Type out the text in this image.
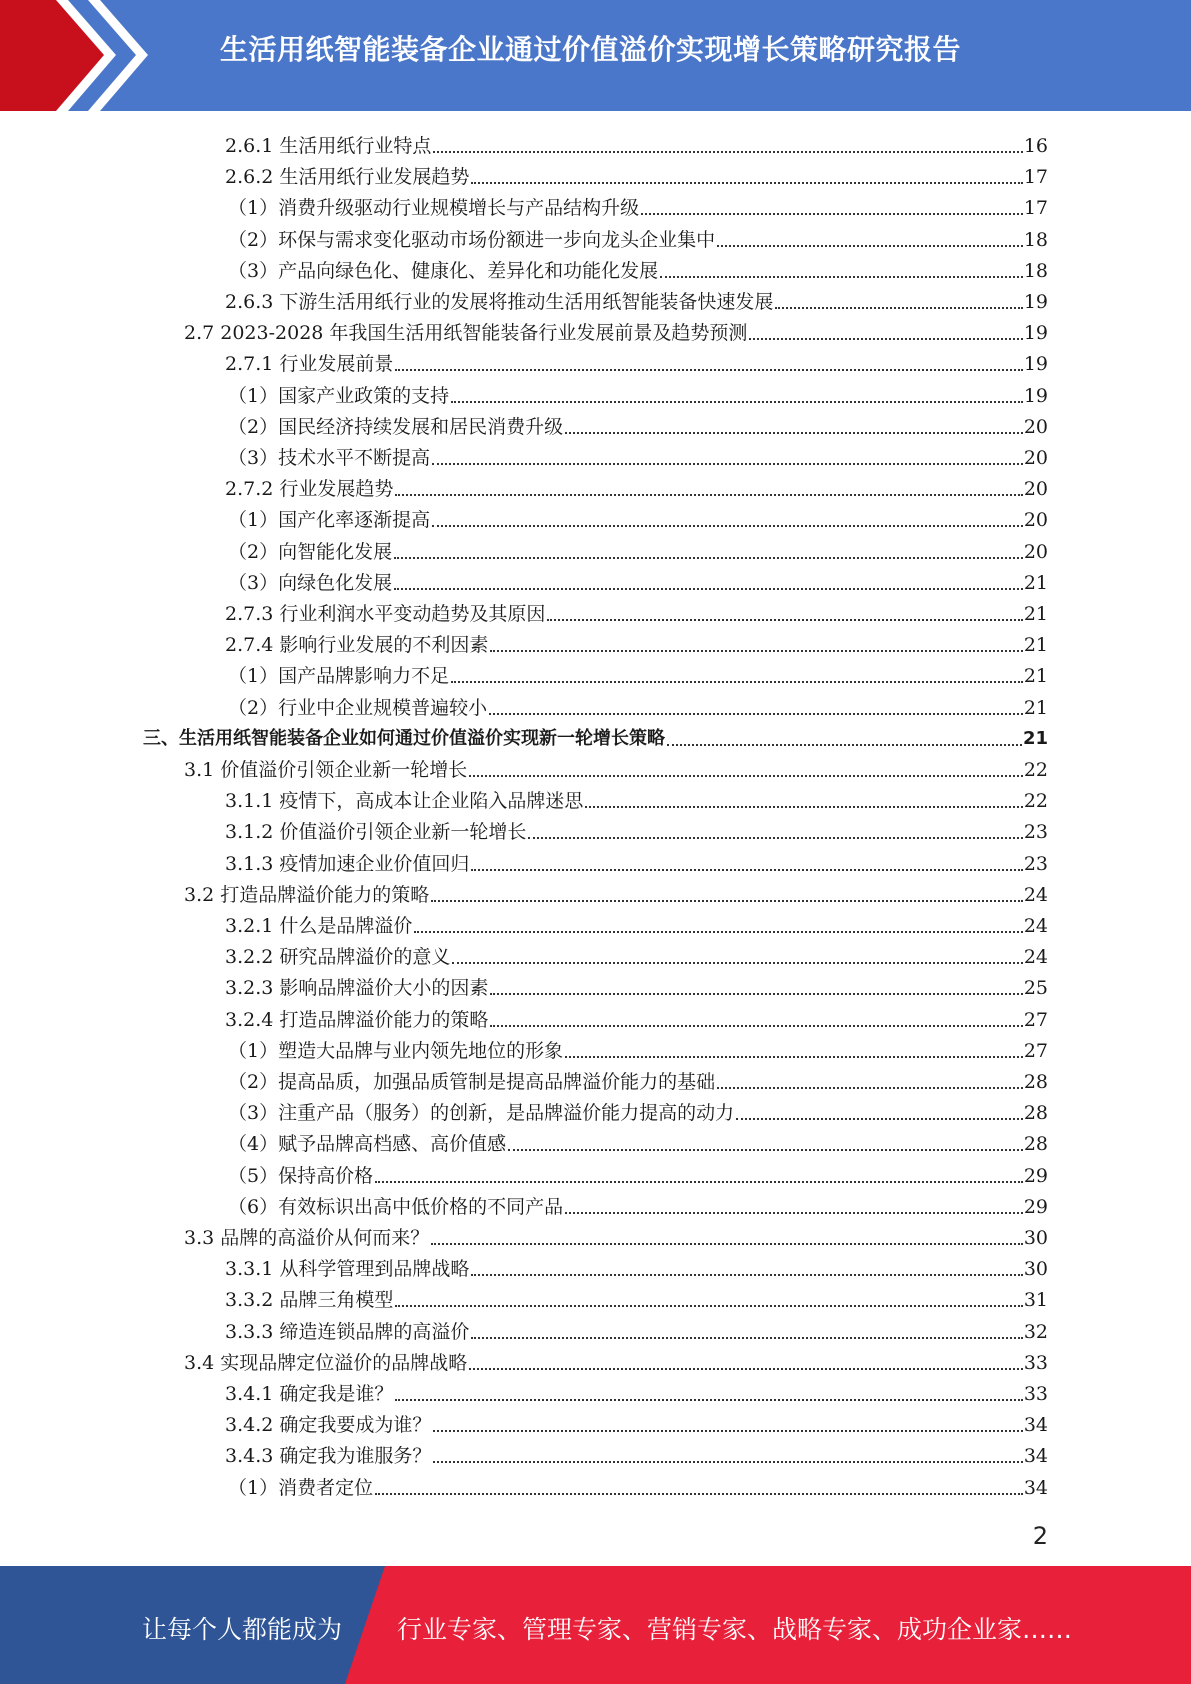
生活用纸智能装备企业通过价值溢价实现增长策略研究报告
2.6.1 生活用纸行业特点	16
2.6.2 生活用纸行业发展趋势	17
（1）消费升级驱动行业规模增长与产品结构升级	17
（2）环保与需求变化驱动市场份额进一步向龙头企业集中	18
（3）产品向绿色化、健康化、差异化和功能化发展	18
2.6.3 下游生活用纸行业的发展将推动生活用纸智能装备快速发展	19
2.7 2023-2028 年我国生活用纸智能装备行业发展前景及趋势预测	19
2.7.1 行业发展前景	19
（1）国家产业政策的支持	19
（2）国民经济持续发展和居民消费升级	20
（3）技术水平不断提高	20
2.7.2 行业发展趋势	20
（1）国产化率逐渐提高	20
（2）向智能化发展	20
（3）向绿色化发展	21
2.7.3 行业利润水平变动趋势及其原因	21
2.7.4 影响行业发展的不利因素	21
（1）国产品牌影响力不足	21
（2）行业中企业规模普遍较小	21
三、生活用纸智能装备企业如何通过价值溢价实现新一轮增长策略	21
3.1 价值溢价引领企业新一轮增长	22
3.1.1 疫情下，高成本让企业陷入品牌迷思	22
3.1.2 价值溢价引领企业新一轮增长	23
3.1.3 疫情加速企业价值回归	23
3.2 打造品牌溢价能力的策略	24
3.2.1 什么是品牌溢价	24
3.2.2 研究品牌溢价的意义	24
3.2.3 影响品牌溢价大小的因素	25
3.2.4 打造品牌溢价能力的策略	27
（1）塑造大品牌与业内领先地位的形象	27
（2）提高品质，加强品质管制是提高品牌溢价能力的基础	28
（3）注重产品（服务）的创新，是品牌溢价能力提高的动力	28
（4）赋予品牌高档感、高价值感	28
（5）保持高价格	29
（6）有效标识出高中低价格的不同产品	29
3.3 品牌的高溢价从何而来？	30
3.3.1 从科学管理到品牌战略	30
3.3.2 品牌三角模型	31
3.3.3 缔造连锁品牌的高溢价	32
3.4 实现品牌定位溢价的品牌战略	33
3.4.1 确定我是谁？	33
3.4.2 确定我要成为谁？	34
3.4.3 确定我为谁服务？	34
（1）消费者定位	34
2
让每个人都能成为 行业专家、管理专家、营销专家、战略专家、成功企业家……
